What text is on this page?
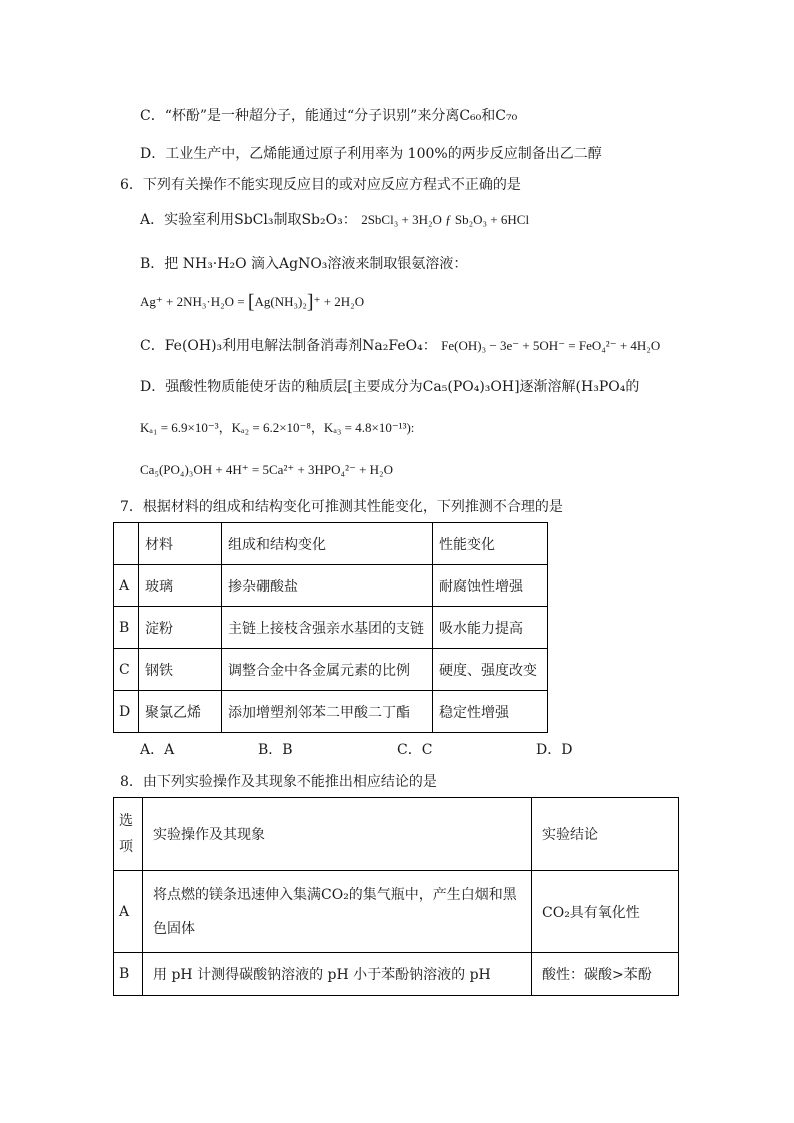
C．“杯酚”是一种超分子，能通过“分子识别”来分离C₆₀和C₇₀
D．工业生产中，乙烯能通过原子利用率为 100%的两步反应制备出乙二醇
6．下列有关操作不能实现反应目的或对应反应方程式不正确的是
A．实验室利用SbCl₃制取Sb₂O₃： 2SbCl₃ + 3H₂O ƒ Sb₂O₃ + 6HCl
B．把 NH₃·H₂O 滴入AgNO₃溶液来制取银氨溶液：
Ag⁺ + 2NH₃·H₂O = [Ag(NH₃)₂]⁺ + 2H₂O
C．Fe(OH)₃利用电解法制备消毒剂Na₂FeO₄： Fe(OH)₃ − 3e⁻ + 5OH⁻ = FeO₄²⁻ + 4H₂O
D．强酸性物质能使牙齿的釉质层[主要成分为Ca₅(PO₄)₃OH]逐渐溶解(H₃PO₄的
Kₐ₁ = 6.9×10⁻³，Kₐ₂ = 6.2×10⁻⁸，Kₐ₃ = 4.8×10⁻¹³):
Ca₅(PO₄)₃OH + 4H⁺ = 5Ca²⁺ + 3HPO₄²⁻ + H₂O
7．根据材料的组成和结构变化可推测其性能变化，下列推测不合理的是
	材料	组成和结构变化	性能变化
A	玻璃	掺杂硼酸盐	耐腐蚀性增强
B	淀粉	主链上接枝含强亲水基团的支链	吸水能力提高
C	钢铁	调整合金中各金属元素的比例	硬度、强度改变
D	聚氯乙烯	添加增塑剂邻苯二甲酸二丁酯	稳定性增强
A．A	B．B	C．C	D．D
8．由下列实验操作及其现象不能推出相应结论的是
选项	实验操作及其现象	实验结论
A	将点燃的镁条迅速伸入集满CO₂的集气瓶中，产生白烟和黑色固体	CO₂具有氧化性
B	用 pH 计测得碳酸钠溶液的 pH 小于苯酚钠溶液的 pH	酸性：碳酸>苯酚
